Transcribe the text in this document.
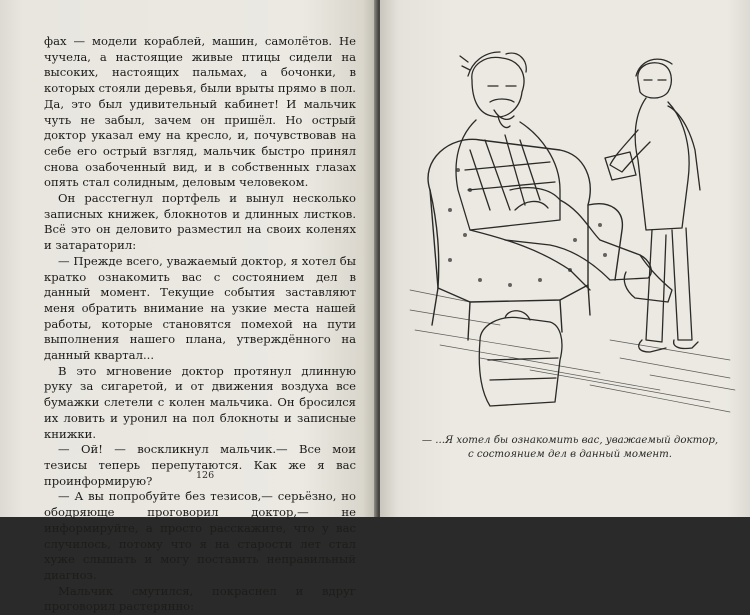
фах — модели кораблей, машин, самолётов. Не чучела, а настоящие живые птицы сидели на высоких, настоящих пальмах, а бочонки, в которых стояли деревья, были врыты прямо в пол. Да, это был удивительный кабинет! И мальчик чуть не забыл, зачем он пришёл. Но острый доктор указал ему на кресло, и, почувствовав на себе его острый взгляд, мальчик быстро принял снова озабоченный вид, и в собственных глазах опять стал солидным, деловым человеком.

Он расстегнул портфель и вынул несколько записных книжек, блокнотов и длинных листков. Всё это он деловито разместил на своих коленях и затараторил:

— Прежде всего, уважаемый доктор, я хотел бы кратко ознакомить вас с состоянием дел в данный момент. Текущие события заставляют меня обратить внимание на узкие места нашей работы, которые становятся помехой на пути выполнения нашего плана, утверждённого на данный квартал...

В это мгновение доктор протянул длинную руку за сигаретой, и от движения воздуха все бумажки слетели с колен мальчика. Он бросился их ловить и уронил на пол блокноты и записные книжки.

— Ой! — воскликнул мальчик.— Все мои тезисы теперь перепутаются. Как же я вас проинформирую?

— А вы попробуйте без тезисов,— серьёзно, но ободряюще проговорил доктор,— не информируйте, а просто расскажите, что у вас случилось, потому что я на старости лет стал хуже слышать и могу поставить неправильный диагноз.

Мальчик смутился, покраснел и вдруг проговорил растерянно:

126
— ...Я хотел бы ознакомить вас, уважаемый доктор,
с состоянием дел в данный момент.
